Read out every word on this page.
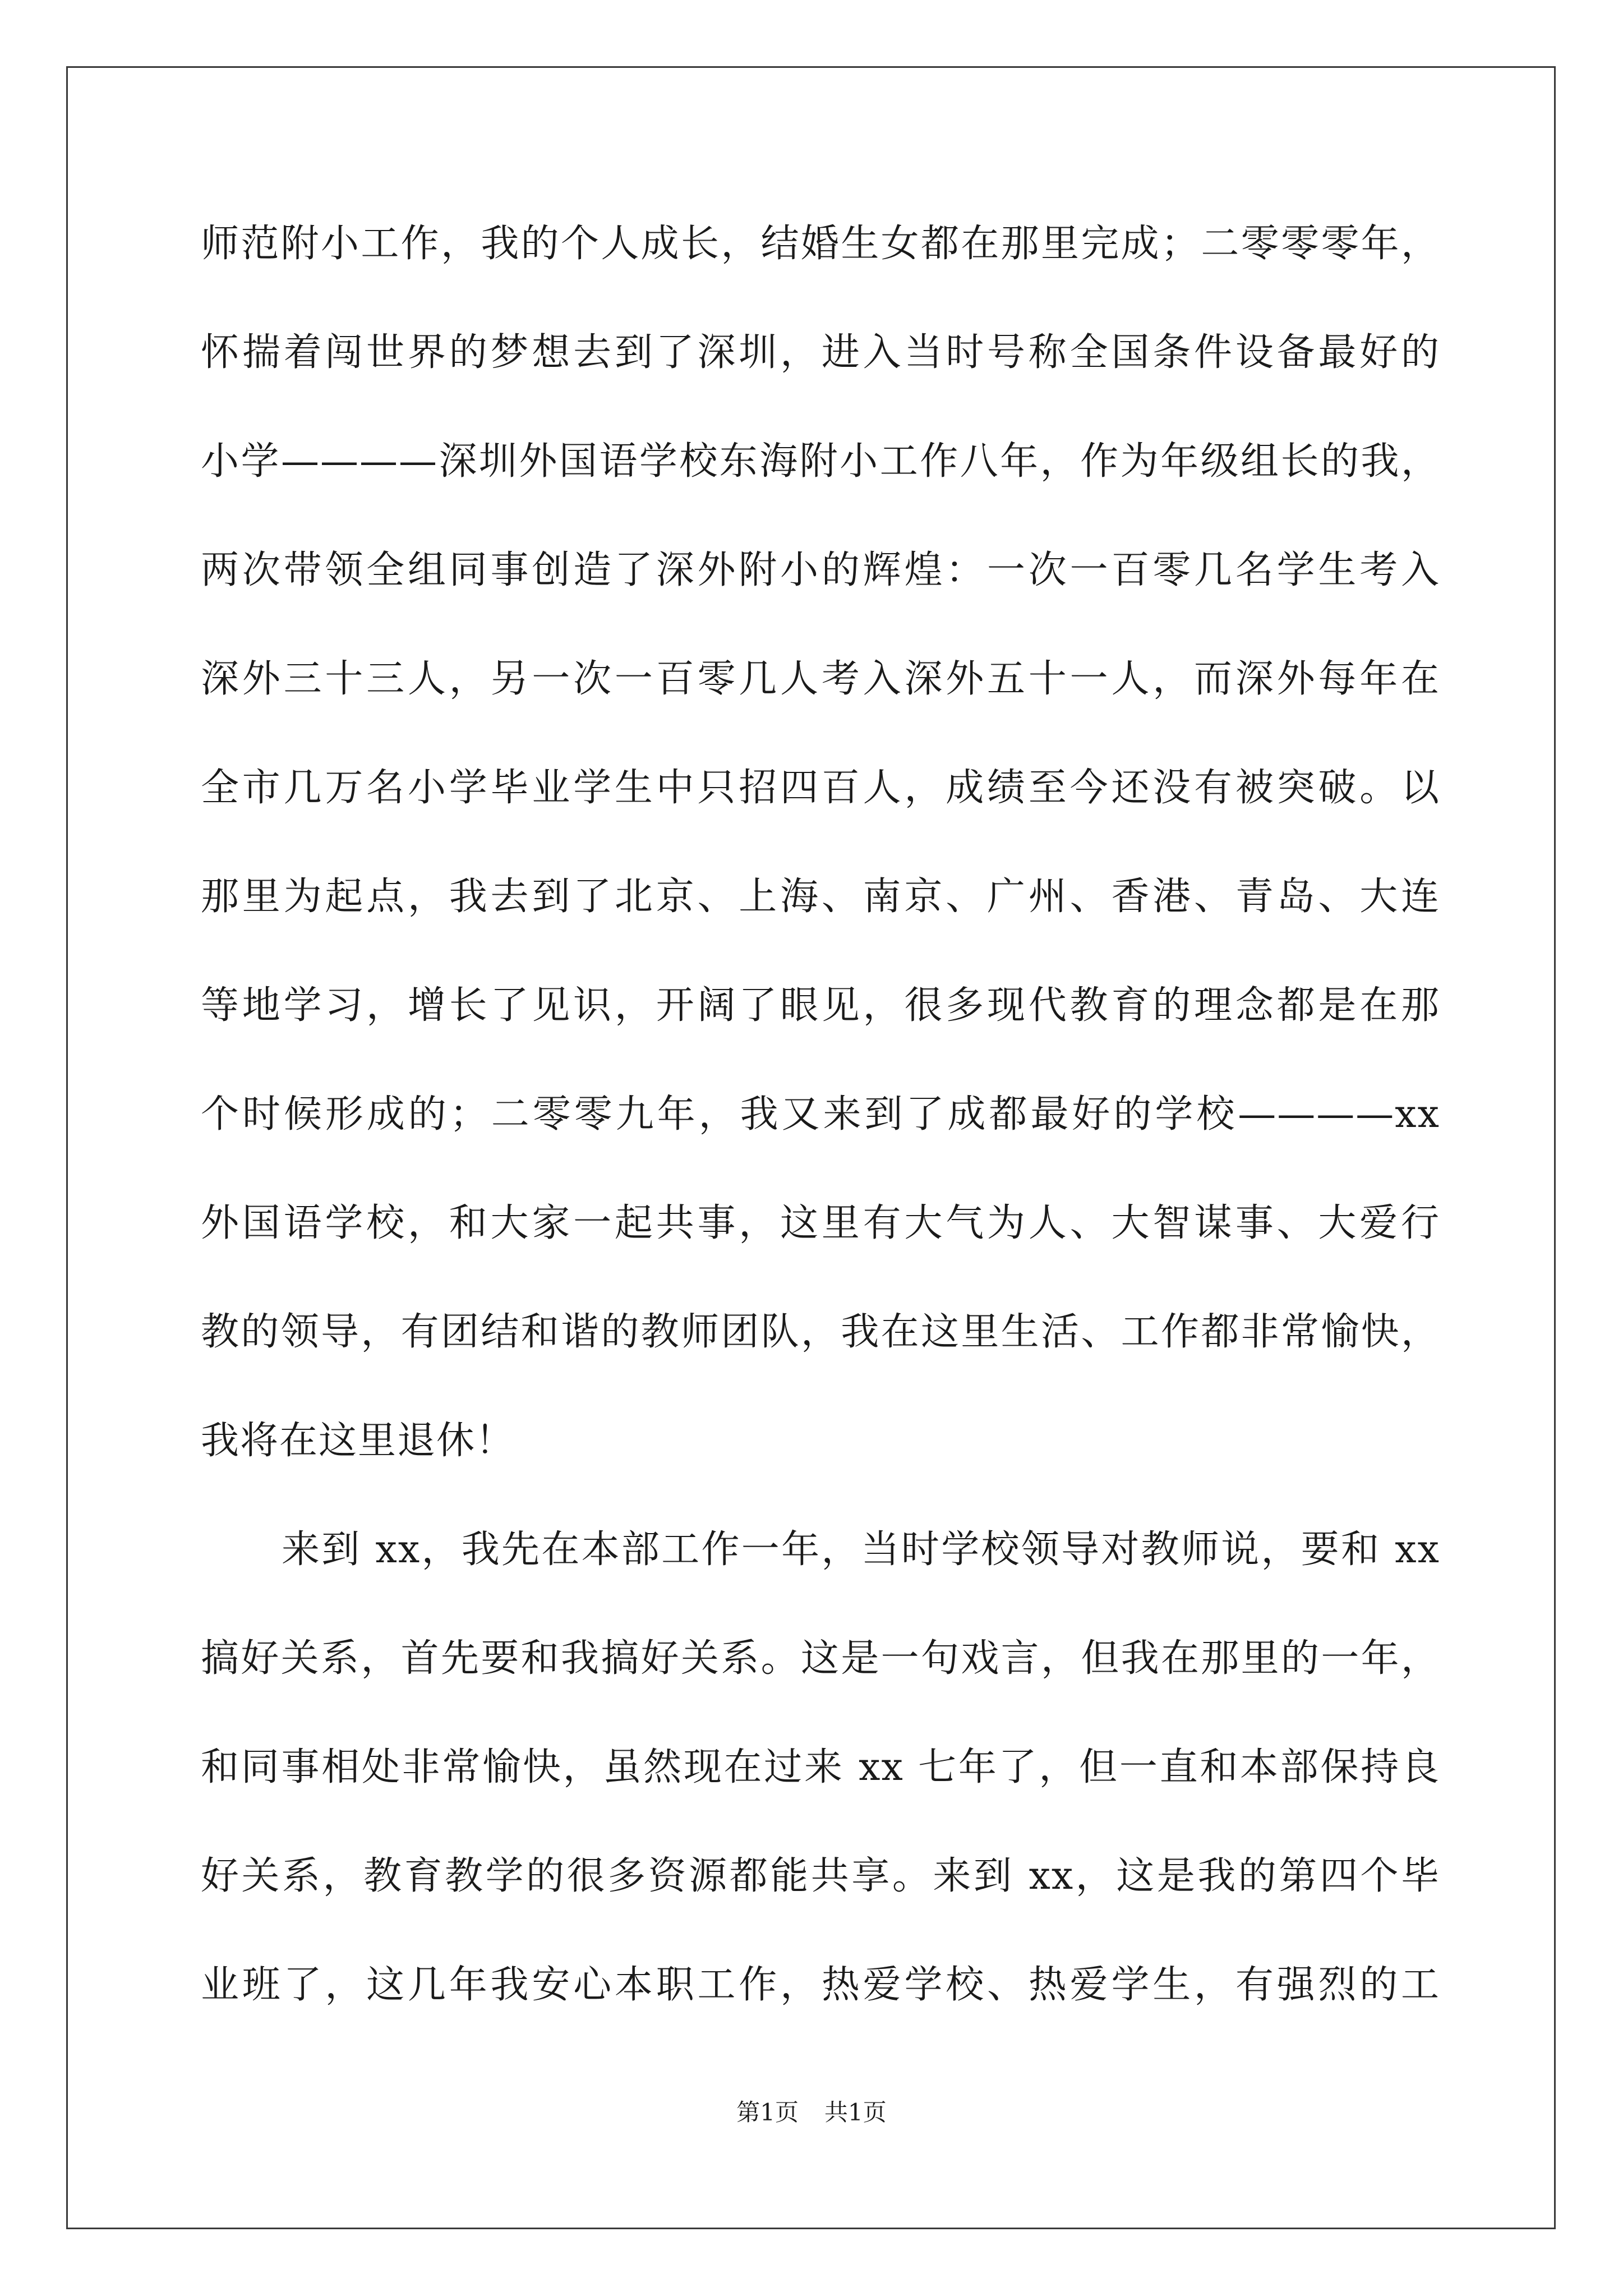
师范附小工作，我的个人成长，结婚生女都在那里完成；二零零零年，
怀揣着闯世界的梦想去到了深圳，进入当时号称全国条件设备最好的
小学————深圳外国语学校东海附小工作八年，作为年级组长的我，
两次带领全组同事创造了深外附小的辉煌：一次一百零几名学生考入
深外三十三人，另一次一百零几人考入深外五十一人，而深外每年在
全市几万名小学毕业学生中只招四百人，成绩至今还没有被突破。以
那里为起点，我去到了北京、上海、南京、广州、香港、青岛、大连
等地学习，增长了见识，开阔了眼见，很多现代教育的理念都是在那
个时候形成的；二零零九年，我又来到了成都最好的学校————xx
外国语学校，和大家一起共事，这里有大气为人、大智谋事、大爱行
教的领导，有团结和谐的教师团队，我在这里生活、工作都非常愉快，
我将在这里退休！
来到 xx，我先在本部工作一年，当时学校领导对教师说，要和 xx
搞好关系，首先要和我搞好关系。这是一句戏言，但我在那里的一年，
和同事相处非常愉快，虽然现在过来 xx 七年了，但一直和本部保持良
好关系，教育教学的很多资源都能共享。来到 xx，这是我的第四个毕
业班了，这几年我安心本职工作，热爱学校、热爱学生，有强烈的工
第1页 共1页
